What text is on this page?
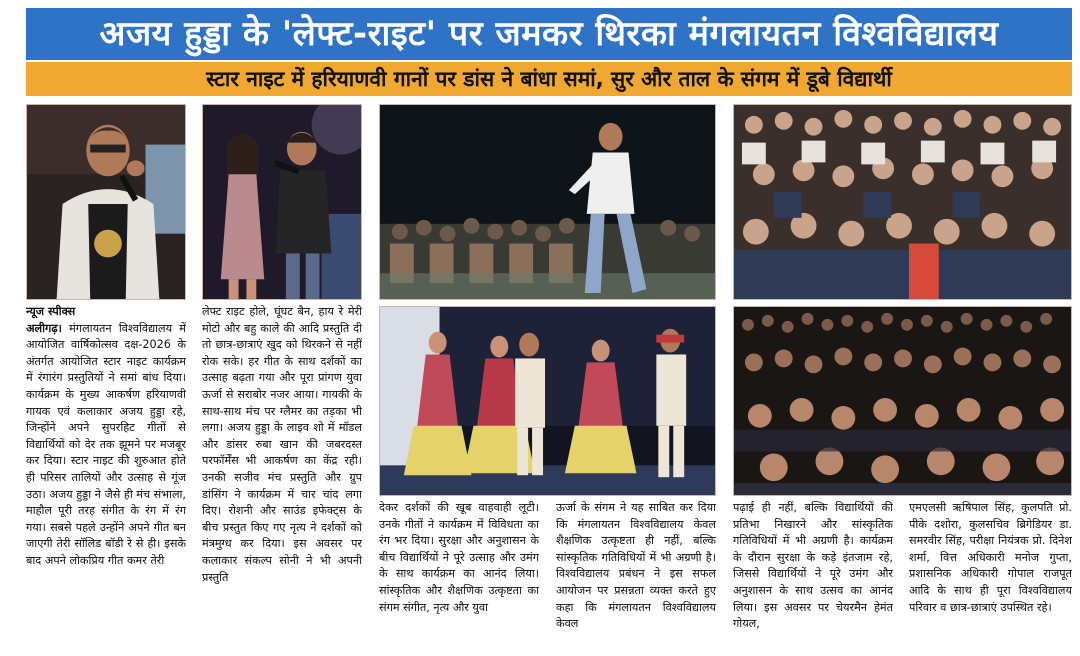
अजय हुड्डा के 'लेफ्ट-राइट' पर जमकर थिरका मंगलायतन विश्वविद्यालय
स्टार नाइट में हरियाणवी गानों पर डांस ने बांधा समां, सुर और ताल के संगम में डूबे विद्यार्थी
न्यूज स्पीक्स
अलीगढ़। मंगलायतन विश्वविद्यालय में आयोजित वार्षिकोत्सव दक्ष-2026 के अंतर्गत आयोजित स्टार नाइट कार्यक्रम में रंगारंग प्रस्तुतियों ने समां बांध दिया। कार्यक्रम के मुख्य आकर्षण हरियाणवी गायक एवं कलाकार अजय हुड्डा रहे, जिन्होंने अपने सुपरहिट गीतों से विद्यार्थियों को देर तक झूमने पर मजबूर कर दिया। स्टार नाइट की शुरुआत होते ही परिसर तालियों और उत्साह से गूंज उठा। अजय हुड्डा ने जैसे ही मंच संभाला, माहौल पूरी तरह संगीत के रंग में रंग गया। सबसे पहले उन्होंने अपने गीत बन जाएगी तेरी सॉलिड बॉडी रे से ही। इसके बाद अपने लोकप्रिय गीत कमर तेरी
लेफ्ट राइट होले, घूंघट बैन, हाय रे मेरी मोटो और बहु काले की आदि प्रस्तुति दी तो छात्र-छात्राएं खुद को थिरकने से नहीं रोक सके। हर गीत के साथ दर्शकों का उत्साह बढ़ता गया और पूरा प्रांगण युवा ऊर्जा से सराबोर नजर आया। गायकी के साथ-साथ मंच पर ग्लैमर का तड़का भी लगा। अजय हुड्डा के लाइव शो में मॉडल और डांसर रुबा खान की जबरदस्त परफॉर्मेंस भी आकर्षण का केंद्र रही। उनकी सजीव मंच प्रस्तुति और ग्रुप डांसिंग ने कार्यक्रम में चार चांद लगा दिए। रोशनी और साउंड इफेक्ट्स के बीच प्रस्तुत किए गए नृत्य ने दर्शकों को मंत्रमुग्ध कर दिया। इस अवसर पर कलाकार संकल्प सोनी ने भी अपनी प्रस्तुति
देकर दर्शकों की खूब वाहवाही लूटी। उनके गीतों ने कार्यक्रम में विविधता का रंग भर दिया। सुरक्षा और अनुशासन के बीच विद्यार्थियों ने पूरे उत्साह और उमंग के साथ कार्यक्रम का आनंद लिया। सांस्कृतिक और शैक्षणिक उत्कृष्टता का संगम संगीत, नृत्य और युवा
ऊर्जा के संगम ने यह साबित कर दिया कि मंगलायतन विश्वविद्यालय केवल शैक्षणिक उत्कृष्टता ही नहीं, बल्कि सांस्कृतिक गतिविधियों में भी अग्रणी है। विश्वविद्यालय प्रबंधन ने इस सफल आयोजन पर प्रसन्नता व्यक्त करते हुए कहा कि मंगलायतन विश्वविद्यालय केवल
पढ़ाई ही नहीं, बल्कि विद्यार्थियों की प्रतिभा निखारने और सांस्कृतिक गतिविधियों में भी अग्रणी है। कार्यक्रम के दौरान सुरक्षा के कड़े इंतजाम रहे, जिससे विद्यार्थियों ने पूरे उमंग और अनुशासन के साथ उत्सव का आनंद लिया। इस अवसर पर चेयरमैन हेमंत गोयल,
एमएलसी ऋषिपाल सिंह, कुलपति प्रो. पीके दशोरा, कुलसचिव ब्रिगेडियर डा. समरवीर सिंह, परीक्षा नियंत्रक प्रो. दिनेश शर्मा, वित्त अधिकारी मनोज गुप्ता, प्रशासनिक अधिकारी गोपाल राजपूत आदि के साथ ही पूरा विश्वविद्यालय परिवार व छात्र-छात्राएं उपस्थित रहे।
